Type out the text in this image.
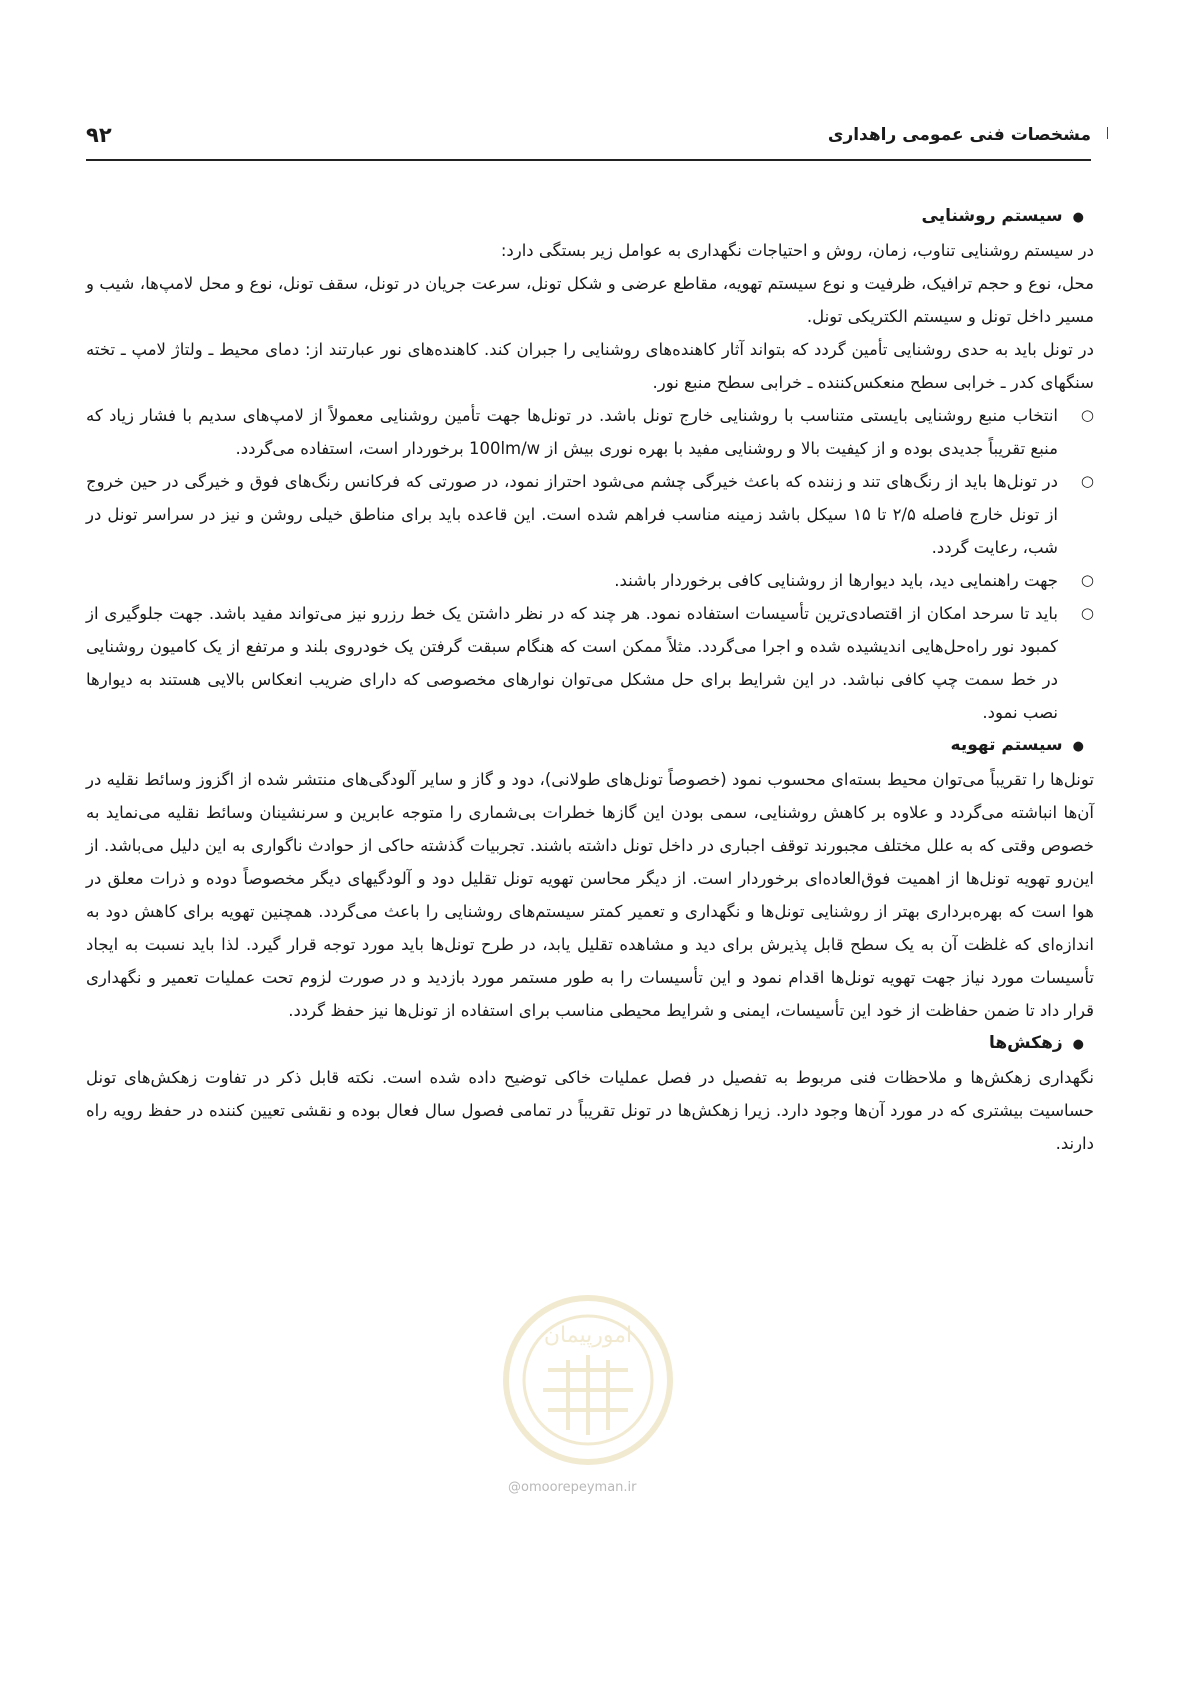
۹۲	مشخصات فنی عمومی راهداری

●سیستم روشنایی

در سیستم روشنایی تناوب، زمان، روش و احتیاجات نگهداری به عوامل زیر بستگی دارد:

محل، نوع و حجم ترافیک، ظرفیت و نوع سیستم تهویه، مقاطع عرضی و شکل تونل، سرعت جریان در تونل، سقف تونل، نوع و محل لامپ‌ها، شیب و مسیر داخل تونل و سیستم الکتریکی تونل.

در تونل باید به حدی روشنایی تأمین گردد که بتواند آثار کاهنده‌های روشنایی را جبران کند. کاهنده‌های نور عبارتند از: دمای محیط ـ ولتاژ لامپ ـ تخته سنگهای کدر ـ خرابی سطح منعکس‌کننده ـ خرابی سطح منبع نور.

○
انتخاب منبع روشنایی بایستی متناسب با روشنایی خارج تونل باشد. در تونل‌ها جهت تأمین روشنایی معمولاً از لامپ‌های سدیم با فشار زیاد که منبع تقریباً جدیدی بوده و از کیفیت بالا و روشنایی مفید با بهره نوری بیش از 100lm/w برخوردار است، استفاده می‌گردد.
○
در تونل‌ها باید از رنگ‌های تند و زننده که باعث خیرگی چشم می‌شود احتراز نمود، در صورتی که فرکانس رنگ‌های فوق و خیرگی در حین خروج از تونل خارج فاصله ۲/۵ تا ۱۵ سیکل باشد زمینه مناسب فراهم شده است. این قاعده باید برای مناطق خیلی روشن و نیز در سراسر تونل در شب، رعایت گردد.
○
جهت راهنمایی دید، باید دیوارها از روشنایی کافی برخوردار باشند.
○
باید تا سرحد امکان از اقتصادی‌ترین تأسیسات استفاده نمود. هر چند که در نظر داشتن یک خط رزرو نیز می‌تواند مفید باشد. جهت جلوگیری از کمبود نور راه‌حل‌هایی اندیشیده شده و اجرا می‌گردد. مثلاً ممکن است که هنگام سبقت گرفتن یک خودروی بلند و مرتفع از یک کامیون روشنایی در خط سمت چپ کافی نباشد. در این شرایط برای حل مشکل می‌توان نوارهای مخصوصی که دارای ضریب انعکاس بالایی هستند به دیوارها نصب نمود.

●سیستم تهویه

تونل‌ها را تقریباً می‌توان محیط بسته‌ای محسوب نمود (خصوصاً تونل‌های طولانی)، دود و گاز و سایر آلودگی‌های منتشر شده از اگزوز وسائط نقلیه در آن‌ها انباشته می‌گردد و علاوه بر کاهش روشنایی، سمی بودن این گازها خطرات بی‌شماری را متوجه عابرین و سرنشینان وسائط نقلیه می‌نماید به خصوص وقتی که به علل مختلف مجبورند توقف اجباری در داخل تونل داشته باشند. تجربیات گذشته حاکی از حوادث ناگواری به این دلیل می‌باشد. از این‌رو تهویه تونل‌ها از اهمیت فوق‌العاده‌ای برخوردار است. از دیگر محاسن تهویه تونل تقلیل دود و آلودگیهای دیگر مخصوصاً دوده و ذرات معلق در هوا است که بهره‌برداری بهتر از روشنایی تونل‌ها و نگهداری و تعمیر کمتر سیستم‌های روشنایی را باعث می‌گردد. همچنین تهویه برای کاهش دود به اندازه‌ای که غلظت آن به یک سطح قابل پذیرش برای دید و مشاهده تقلیل یابد، در طرح تونل‌ها باید مورد توجه قرار گیرد. لذا باید نسبت به ایجاد تأسیسات مورد نیاز جهت تهویه تونل‌ها اقدام نمود و این تأسیسات را به طور مستمر مورد بازدید و در صورت لزوم تحت عملیات تعمیر و نگهداری قرار داد تا ضمن حفاظت از خود این تأسیسات، ایمنی و شرایط محیطی مناسب برای استفاده از تونل‌ها نیز حفظ گردد.

●زهکش‌ها

نگهداری زهکش‌ها و ملاحظات فنی مربوط به تفصیل در فصل عملیات خاکی توضیح داده شده است. نکته قابل ذکر در تفاوت زهکش‌های تونل حساسیت بیشتری که در مورد آن‌ها وجود دارد. زیرا زهکش‌ها در تونل تقریباً در تمامی فصول سال فعال بوده و نقشی تعیین کننده در حفظ رویه راه دارند.

امورپیمان
@omoorepeyman.ir
